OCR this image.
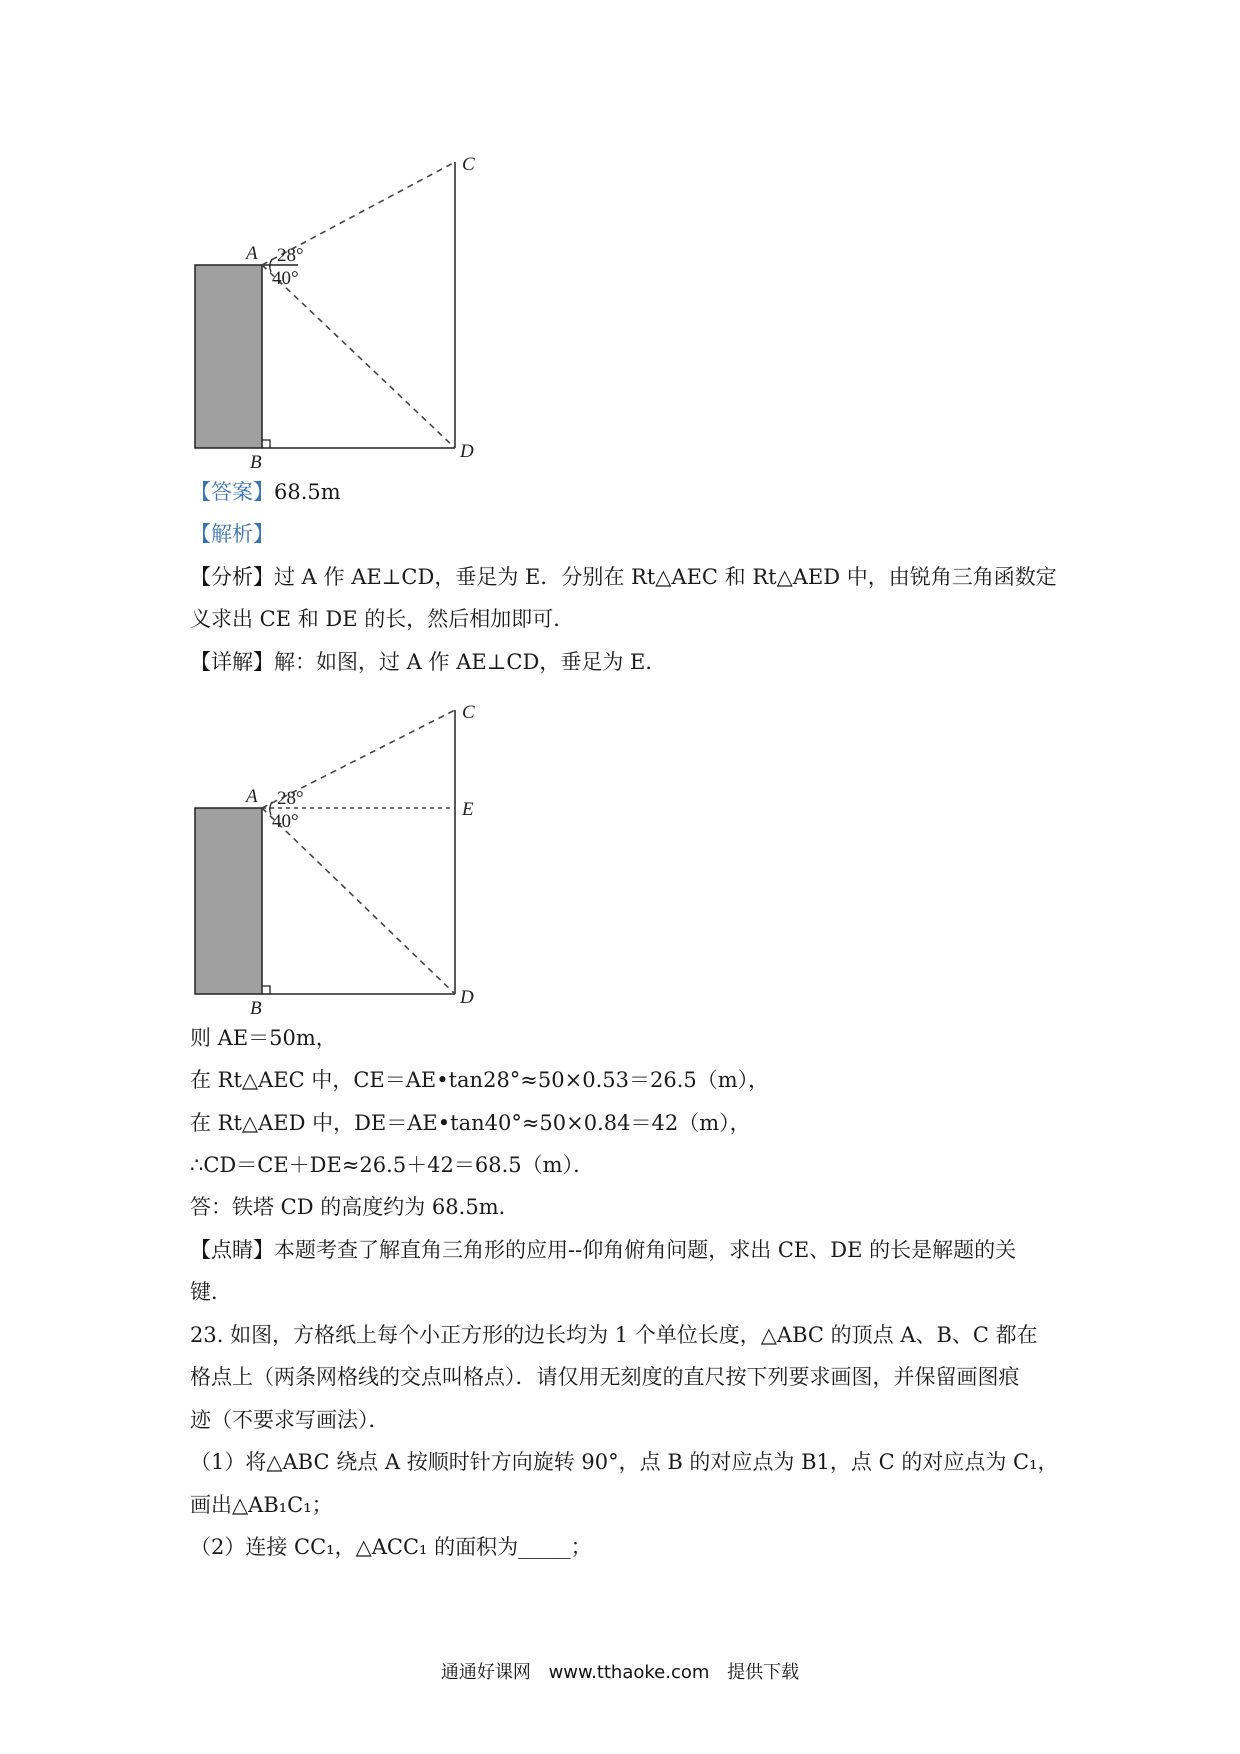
A
B
C
D
28°
40°
【答案】68.5m
【解析】
【分析】过 A 作 AE⊥CD，垂足为 E．分别在 Rt△AEC 和 Rt△AED 中，由锐角三角函数定
义求出 CE 和 DE 的长，然后相加即可．
【详解】解：如图，过 A 作 AE⊥CD，垂足为 E．
A
B
C
D
E
28°
40°
则 AE＝50m，
在 Rt△AEC 中，CE＝AE•tan28°≈50×0.53＝26.5（m），
在 Rt△AED 中，DE＝AE•tan40°≈50×0.84＝42（m），
∴CD＝CE＋DE≈26.5＋42＝68.5（m）．
答：铁塔 CD 的高度约为 68.5m．
【点睛】本题考查了解直角三角形的应用--仰角俯角问题，求出 CE、DE 的长是解题的关
键．
23. 如图，方格纸上每个小正方形的边长均为 1 个单位长度，△ABC 的顶点 A、B、C 都在
格点上（两条网格线的交点叫格点）．请仅用无刻度的直尺按下列要求画图，并保留画图痕
迹（不要求写画法）．
（1）将△ABC 绕点 A 按顺时针方向旋转 90°，点 B 的对应点为 B1，点 C 的对应点为 C₁，
画出△AB₁C₁；
（2）连接 CC₁，△ACC₁ 的面积为_____；
通通好课网 www.tthaoke.com 提供下载
